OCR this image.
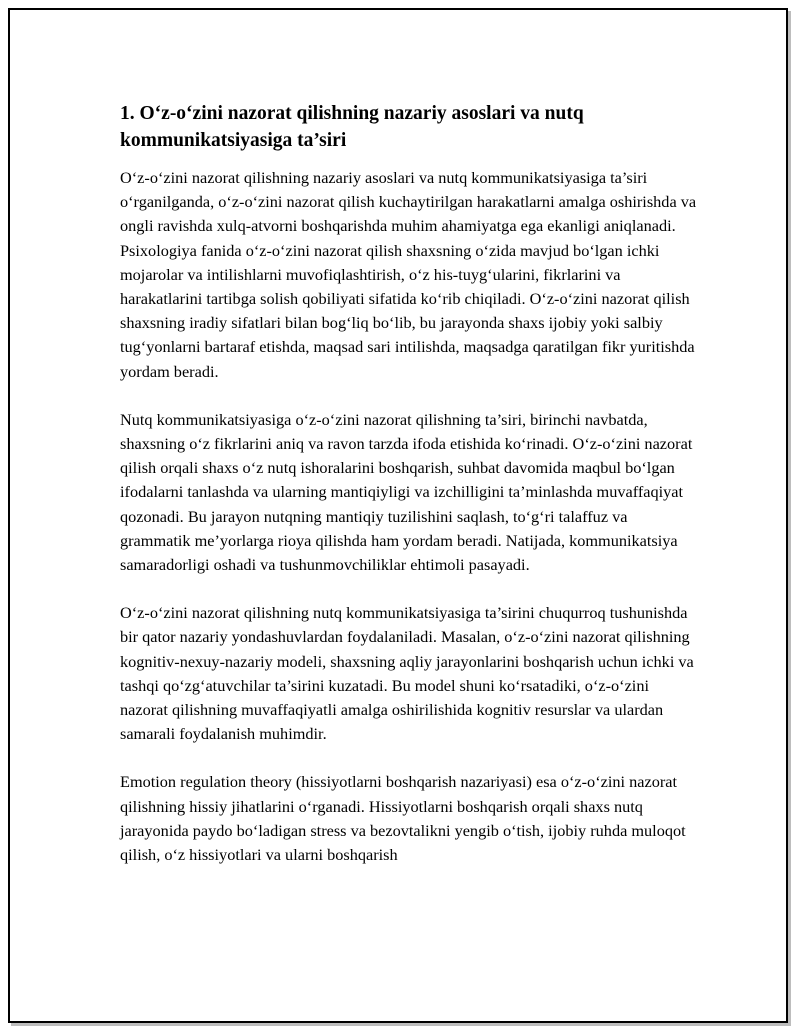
1. O‘z-o‘zini nazorat qilishning nazariy asoslari va nutq kommunikatsiyasiga ta’siri

O‘z-o‘zini nazorat qilishning nazariy asoslari va nutq kommunikatsiyasiga ta’siri o‘rganilganda, o‘z-o‘zini nazorat qilish kuchaytirilgan harakatlarni amalga oshirishda va ongli ravishda xulq-atvorni boshqarishda muhim ahamiyatga ega ekanligi aniqlanadi. Psixologiya fanida o‘z-o‘zini nazorat qilish shaxsning o‘zida mavjud bo‘lgan ichki mojarolar va intilishlarni muvofiqlashtirish, o‘z his-tuyg‘ularini, fikrlarini va harakatlarini tartibga solish qobiliyati sifatida ko‘rib chiqiladi. O‘z-o‘zini nazorat qilish shaxsning iradiy sifatlari bilan bog‘liq bo‘lib, bu jarayonda shaxs ijobiy yoki salbiy tug‘yonlarni bartaraf etishda, maqsad sari intilishda, maqsadga qaratilgan fikr yuritishda yordam beradi.

Nutq kommunikatsiyasiga o‘z-o‘zini nazorat qilishning ta’siri, birinchi navbatda, shaxsning o‘z fikrlarini aniq va ravon tarzda ifoda etishida ko‘rinadi. O‘z-o‘zini nazorat qilish orqali shaxs o‘z nutq ishoralarini boshqarish, suhbat davomida maqbul bo‘lgan ifodalarni tanlashda va ularning mantiqiyligi va izchilligini ta’minlashda muvaffaqiyat qozonadi. Bu jarayon nutqning mantiqiy tuzilishini saqlash, to‘g‘ri talaffuz va grammatik me’yorlarga rioya qilishda ham yordam beradi. Natijada, kommunikatsiya samaradorligi oshadi va tushunmovchiliklar ehtimoli pasayadi.

O‘z-o‘zini nazorat qilishning nutq kommunikatsiyasiga ta’sirini chuqurroq tushunishda bir qator nazariy yondashuvlardan foydalaniladi. Masalan, o‘z-o‘zini nazorat qilishning kognitiv-nexuy-nazariy modeli, shaxsning aqliy jarayonlarini boshqarish uchun ichki va tashqi qo‘zg‘atuvchilar ta’sirini kuzatadi. Bu model shuni ko‘rsatadiki, o‘z-o‘zini nazorat qilishning muvaffaqiyatli amalga oshirilishida kognitiv resurslar va ulardan samarali foydalanish muhimdir.

Emotion regulation theory (hissiyotlarni boshqarish nazariyasi) esa o‘z-o‘zini nazorat qilishning hissiy jihatlarini o‘rganadi. Hissiyotlarni boshqarish orqali shaxs nutq jarayonida paydo bo‘ladigan stress va bezovtalikni yengib o‘tish, ijobiy ruhda muloqot qilish, o‘z hissiyotlari va ularni boshqarish
